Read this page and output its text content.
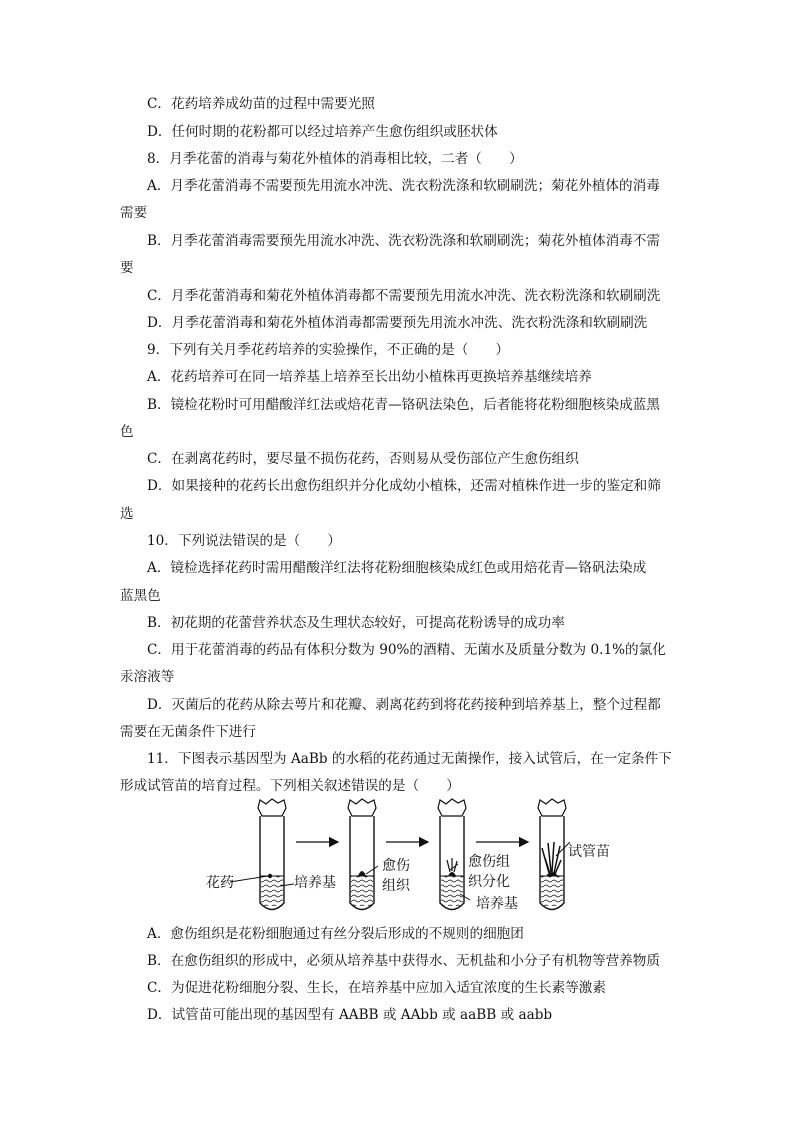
C．花药培养成幼苗的过程中需要光照
D．任何时期的花粉都可以经过培养产生愈伤组织或胚状体
8．月季花蕾的消毒与菊花外植体的消毒相比较，二者（　　）
A．月季花蕾消毒不需要预先用流水冲洗、洗衣粉洗涤和软刷刷洗；菊花外植体的消毒
需要
B．月季花蕾消毒需要预先用流水冲洗、洗衣粉洗涤和软刷刷洗；菊花外植体消毒不需
要
C．月季花蕾消毒和菊花外植体消毒都不需要预先用流水冲洗、洗衣粉洗涤和软刷刷洗
D．月季花蕾消毒和菊花外植体消毒都需要预先用流水冲洗、洗衣粉洗涤和软刷刷洗
9．下列有关月季花药培养的实验操作，不正确的是（　　）
A．花药培养可在同一培养基上培养至长出幼小植株再更换培养基继续培养
B．镜检花粉时可用醋酸洋红法或焙花青—铬矾法染色，后者能将花粉细胞核染成蓝黑
色
C．在剥离花药时，要尽量不损伤花药，否则易从受伤部位产生愈伤组织
D．如果接种的花药长出愈伤组织并分化成幼小植株，还需对植株作进一步的鉴定和筛
选
10．下列说法错误的是（　　）
A．镜检选择花药时需用醋酸洋红法将花粉细胞核染成红色或用焙花青—铬矾法染成
蓝黑色
B．初花期的花蕾营养状态及生理状态较好，可提高花粉诱导的成功率
C．用于花蕾消毒的药品有体积分数为 90%的酒精、无菌水及质量分数为 0.1%的氯化
汞溶液等
D．灭菌后的花药从除去萼片和花瓣、剥离花药到将花药接种到培养基上，整个过程都
需要在无菌条件下进行
11．下图表示基因型为 AaBb 的水稻的花药通过无菌操作，接入试管后，在一定条件下
形成试管苗的培育过程。下列相关叙述错误的是（　　）
花药	培养基
愈伤
组织
愈伤组
织分化
培养基
试管苗
A．愈伤组织是花粉细胞通过有丝分裂后形成的不规则的细胞团
B．在愈伤组织的形成中，必须从培养基中获得水、无机盐和小分子有机物等营养物质
C．为促进花粉细胞分裂、生长，在培养基中应加入适宜浓度的生长素等激素
D．试管苗可能出现的基因型有 AABB 或 AAbb 或 aaBB 或 aabb
